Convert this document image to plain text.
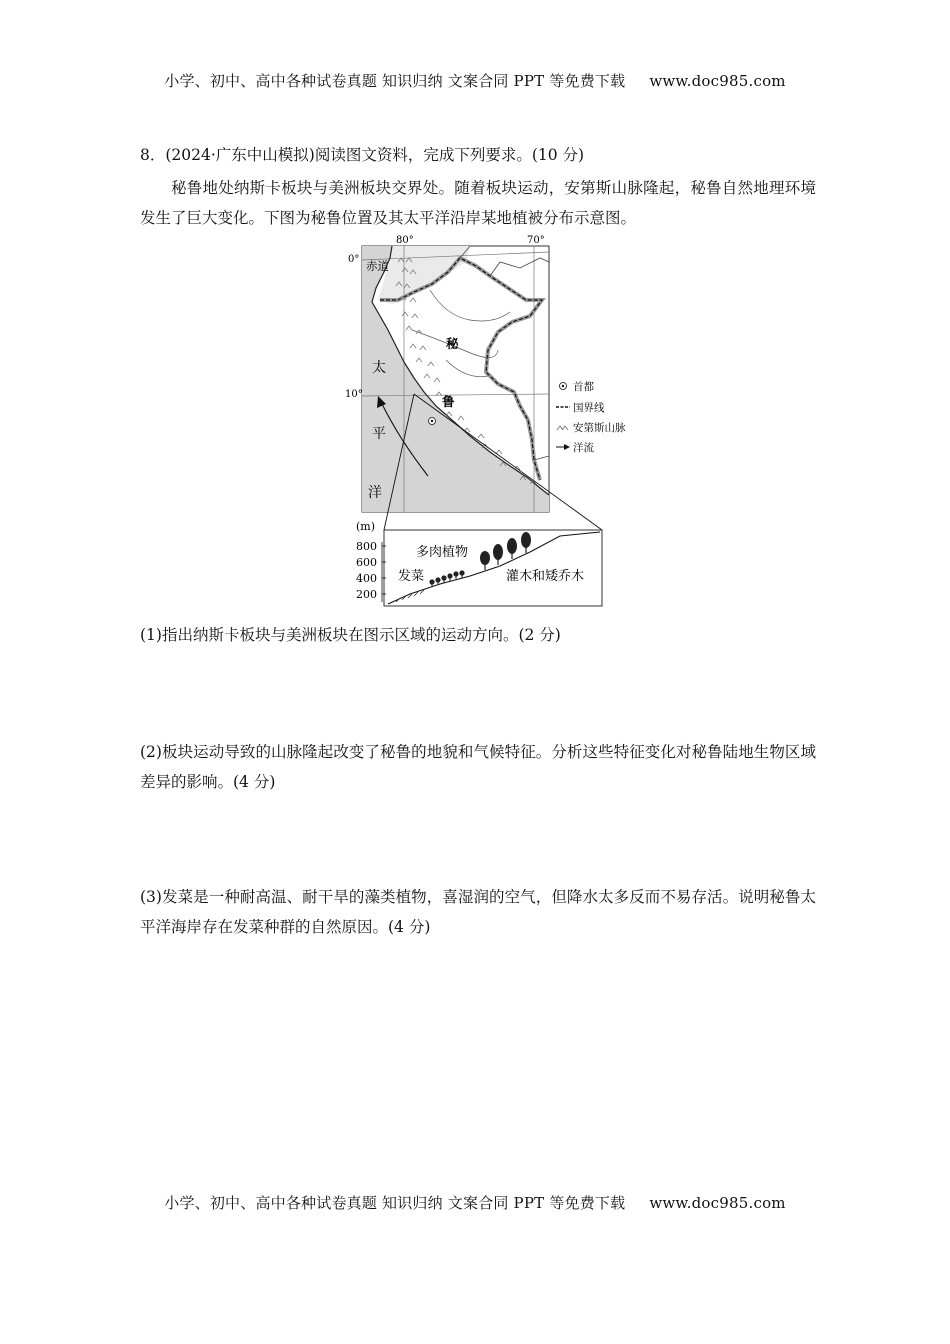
小学、初中、高中各种试卷真题 知识归纳 文案合同 PPT 等免费下载 www.doc985.com
8．(2024·广东中山模拟)阅读图文资料，完成下列要求。(10 分)
秘鲁地处纳斯卡板块与美洲板块交界处。随着板块运动，安第斯山脉隆起，秘鲁自然地理环境发生了巨大变化。下图为秘鲁位置及其太平洋沿岸某地植被分布示意图。
80°	70°
0°
10°
赤道
太
平
洋
秘
鲁
首都
国界线
安第斯山脉
洋流
(m)
800
600
400
200
多肉植物
发菜	灌木和矮乔木
(1)指出纳斯卡板块与美洲板块在图示区域的运动方向。(2 分)
(2)板块运动导致的山脉隆起改变了秘鲁的地貌和气候特征。分析这些特征变化对秘鲁陆地生物区域差异的影响。(4 分)
(3)发菜是一种耐高温、耐干旱的藻类植物，喜湿润的空气，但降水太多反而不易存活。说明秘鲁太平洋海岸存在发菜种群的自然原因。(4 分)
小学、初中、高中各种试卷真题 知识归纳 文案合同 PPT 等免费下载 www.doc985.com
